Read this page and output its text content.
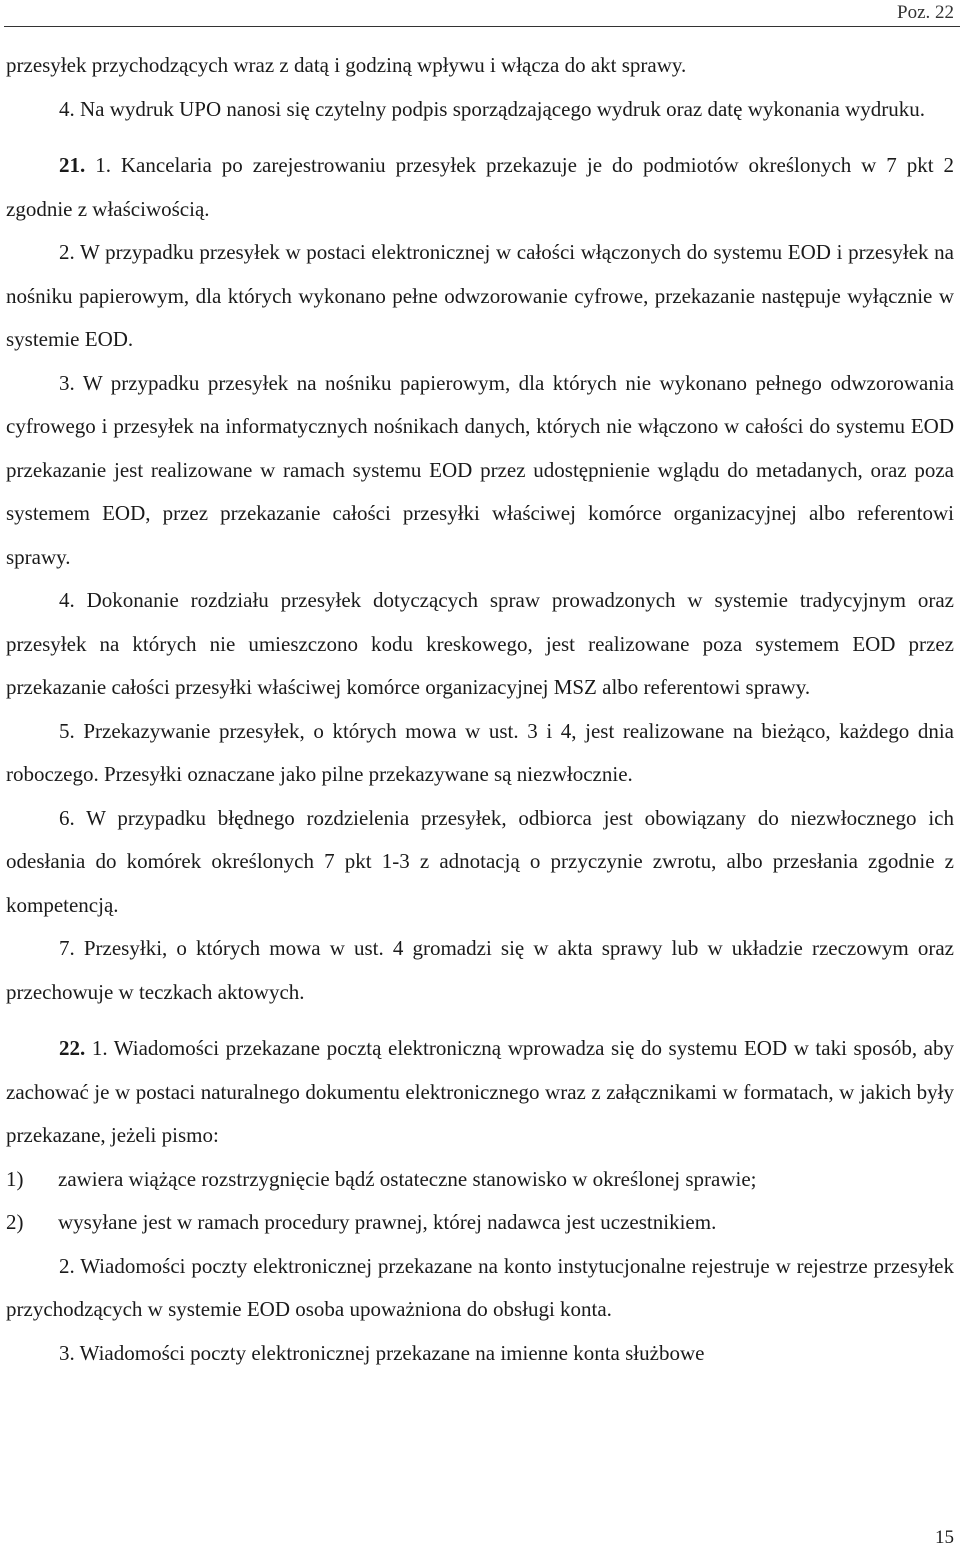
Poz. 22

przesyłek przychodzących wraz z datą i godziną wpływu i włącza do akt sprawy.

4. Na wydruk UPO nanosi się czytelny podpis sporządzającego wydruk oraz datę wykonania wydruku.

21. 1. Kancelaria po zarejestrowaniu przesyłek przekazuje je do podmiotów określonych w 7 pkt 2 zgodnie z właściwością.

2. W przypadku przesyłek w postaci elektronicznej w całości włączonych do systemu EOD i przesyłek na nośniku papierowym, dla których wykonano pełne odwzorowanie cyfrowe, przekazanie następuje wyłącznie w systemie EOD.

3. W przypadku przesyłek na nośniku papierowym, dla których nie wykonano pełnego odwzorowania cyfrowego i przesyłek na informatycznych nośnikach danych, których nie włączono w całości do systemu EOD przekazanie jest realizowane w ramach systemu EOD przez udostępnienie wglądu do metadanych, oraz poza systemem EOD, przez przekazanie całości przesyłki właściwej komórce organizacyjnej albo referentowi sprawy.

4. Dokonanie rozdziału przesyłek dotyczących spraw prowadzonych w systemie tradycyjnym oraz przesyłek na których nie umieszczono kodu kreskowego, jest realizowane poza systemem EOD przez przekazanie całości przesyłki właściwej komórce organizacyjnej MSZ albo referentowi sprawy.

5. Przekazywanie przesyłek, o których mowa w ust. 3 i 4, jest realizowane na bieżąco, każdego dnia roboczego. Przesyłki oznaczane jako pilne przekazywane są niezwłocznie.

6. W przypadku błędnego rozdzielenia przesyłek, odbiorca jest obowiązany do niezwłocznego ich odesłania do komórek określonych 7 pkt 1-3 z adnotacją o przyczynie zwrotu, albo przesłania zgodnie z kompetencją.

7. Przesyłki, o których mowa w ust. 4 gromadzi się w akta sprawy lub w układzie rzeczowym oraz przechowuje w teczkach aktowych.

22. 1. Wiadomości przekazane pocztą elektroniczną wprowadza się do systemu EOD w taki sposób, aby zachować je w postaci naturalnego dokumentu elektronicznego wraz z załącznikami w formatach, w jakich były przekazane, jeżeli pismo:

1) zawiera wiążące rozstrzygnięcie bądź ostateczne stanowisko w określonej sprawie;
2) wysyłane jest w ramach procedury prawnej, której nadawca jest uczestnikiem.

2. Wiadomości poczty elektronicznej przekazane na konto instytucjonalne rejestruje w rejestrze przesyłek przychodzących w systemie EOD osoba upoważniona do obsługi konta.

3. Wiadomości poczty elektronicznej przekazane na imienne konta służbowe

15
